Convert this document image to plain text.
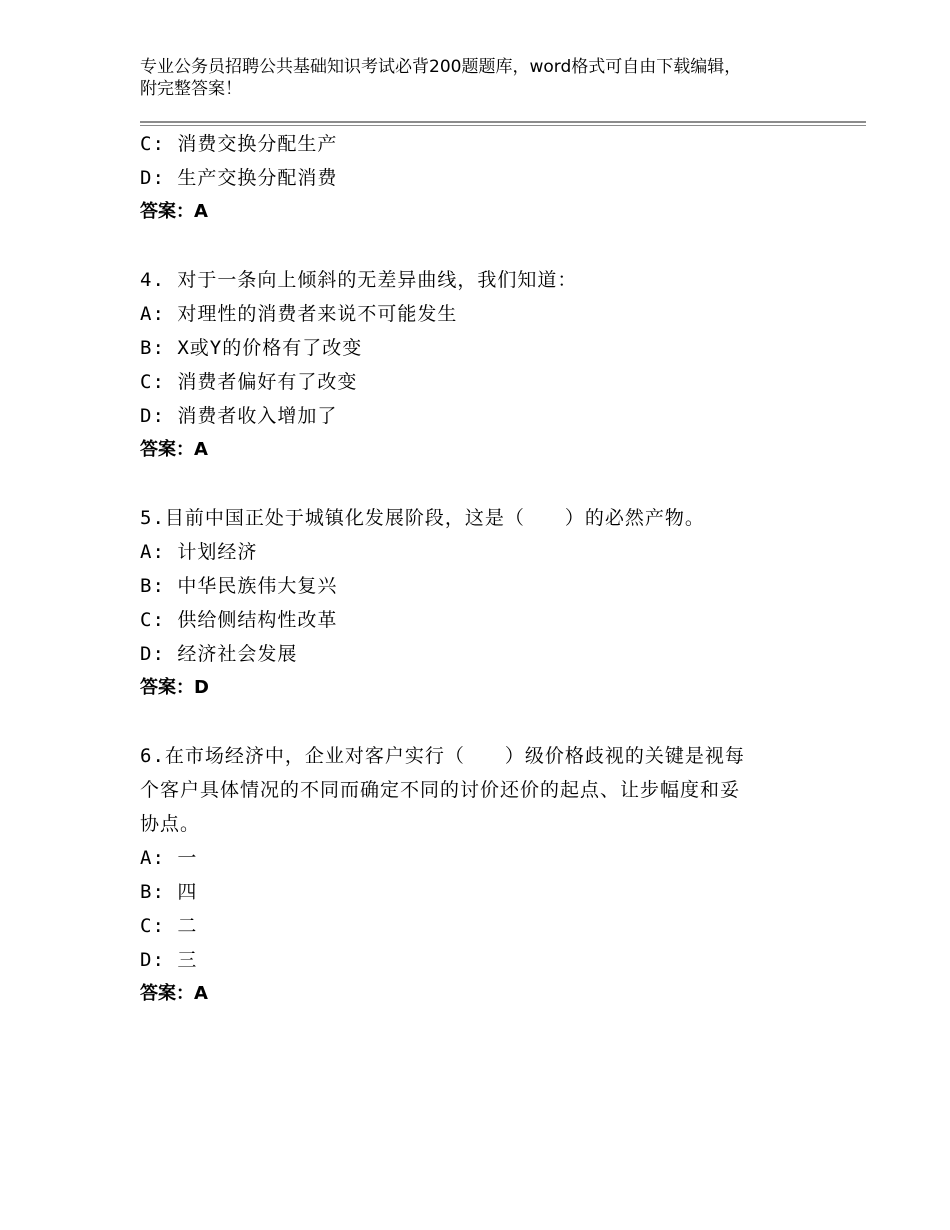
专业公务员招聘公共基础知识考试必背200题题库，word格式可自由下载编辑，
附完整答案！
C: 消费交换分配生产
D: 生产交换分配消费
答案：A
4. 对于一条向上倾斜的无差异曲线，我们知道：
A: 对理性的消费者来说不可能发生
B: X或Y的价格有了改变
C: 消费者偏好有了改变
D: 消费者收入增加了
答案：A
5.目前中国正处于城镇化发展阶段，这是（　　）的必然产物。
A: 计划经济
B: 中华民族伟大复兴
C: 供给侧结构性改革
D: 经济社会发展
答案：D
6.在市场经济中，企业对客户实行（　　）级价格歧视的关键是视每
个客户具体情况的不同而确定不同的讨价还价的起点、让步幅度和妥
协点。
A: 一
B: 四
C: 二
D: 三
答案：A
